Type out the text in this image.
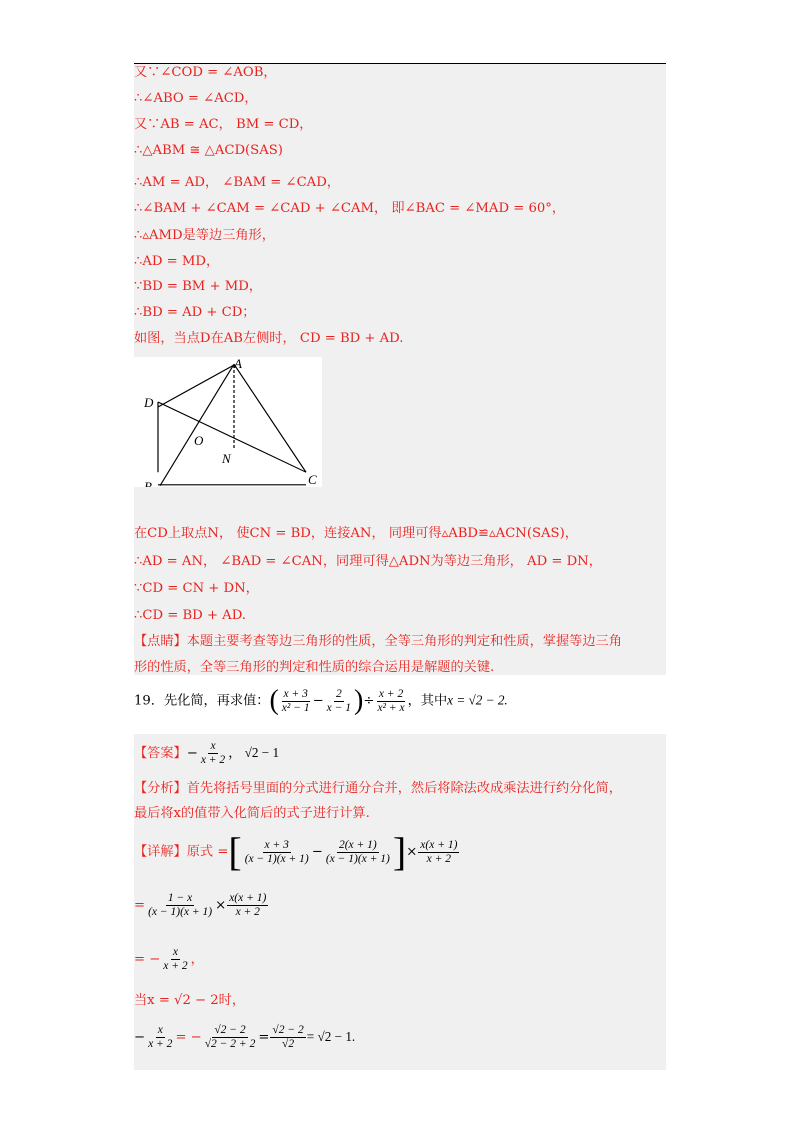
又∵∠COD = ∠AOB，
∴∠ABO = ∠ACD，
又∵AB = AC， BM = CD，
∴△ABM ≅ △ACD(SAS)
∴AM = AD， ∠BAM = ∠CAD，
∴∠BAM + ∠CAM = ∠CAD + ∠CAM， 即∠BAC = ∠MAD = 60°，
∴▵AMD是等边三角形，
∴AD = MD，
∵BD = BM + MD，
∴BD = AD + CD；
如图，当点D在AB左侧时， CD = BD + AD.
A
D
O
N
B	C
在CD上取点N， 使CN = BD，连接AN， 同理可得▵ABD≌▵ACN(SAS)，
∴AD = AN， ∠BAD = ∠CAN，同理可得△ADN为等边三角形， AD = DN，
∵CD = CN + DN，
∴CD = BD + AD.
【点睛】本题主要考查等边三角形的性质，全等三角形的判定和性质，掌握等边三角
形的性质，全等三角形的判定和性质的综合运用是解题的关键.
19．先化简，再求值：( $\frac{x + 3}{\text{x² − 1}} - \frac{2}{x - 1}$ )÷ $\frac{x + 2}{\text{x² + x}}$ ，其中x = √2 − 2.
【答案】− $\frac{x}{x + 2}$ ， √2 − 1
【分析】首先将括号里面的分式进行通分合并，然后将除法改成乘法进行约分化简，
最后将x的值带入化简后的式子进行计算.
【详解】原式 =[ $\frac{x + 3}{(x - 1)(x + 1)} - \frac{2(x + 1)}{(x - 1)(x + 1)}$ ]× $\frac{x(x + 1)}{x + 2}$
= $\frac{1 - x}{(x - 1)(x + 1)} \times \frac{x(x + 1)}{x + 2}$
= − $\frac{x}{x + 2}$ ，
当x = √2 − 2时，
− $\frac{x}{x + 2}$ = − $\frac{√2 - 2}{√2 - 2 + 2} = \frac{√2 - 2}{√2} = √2 - 1$.
